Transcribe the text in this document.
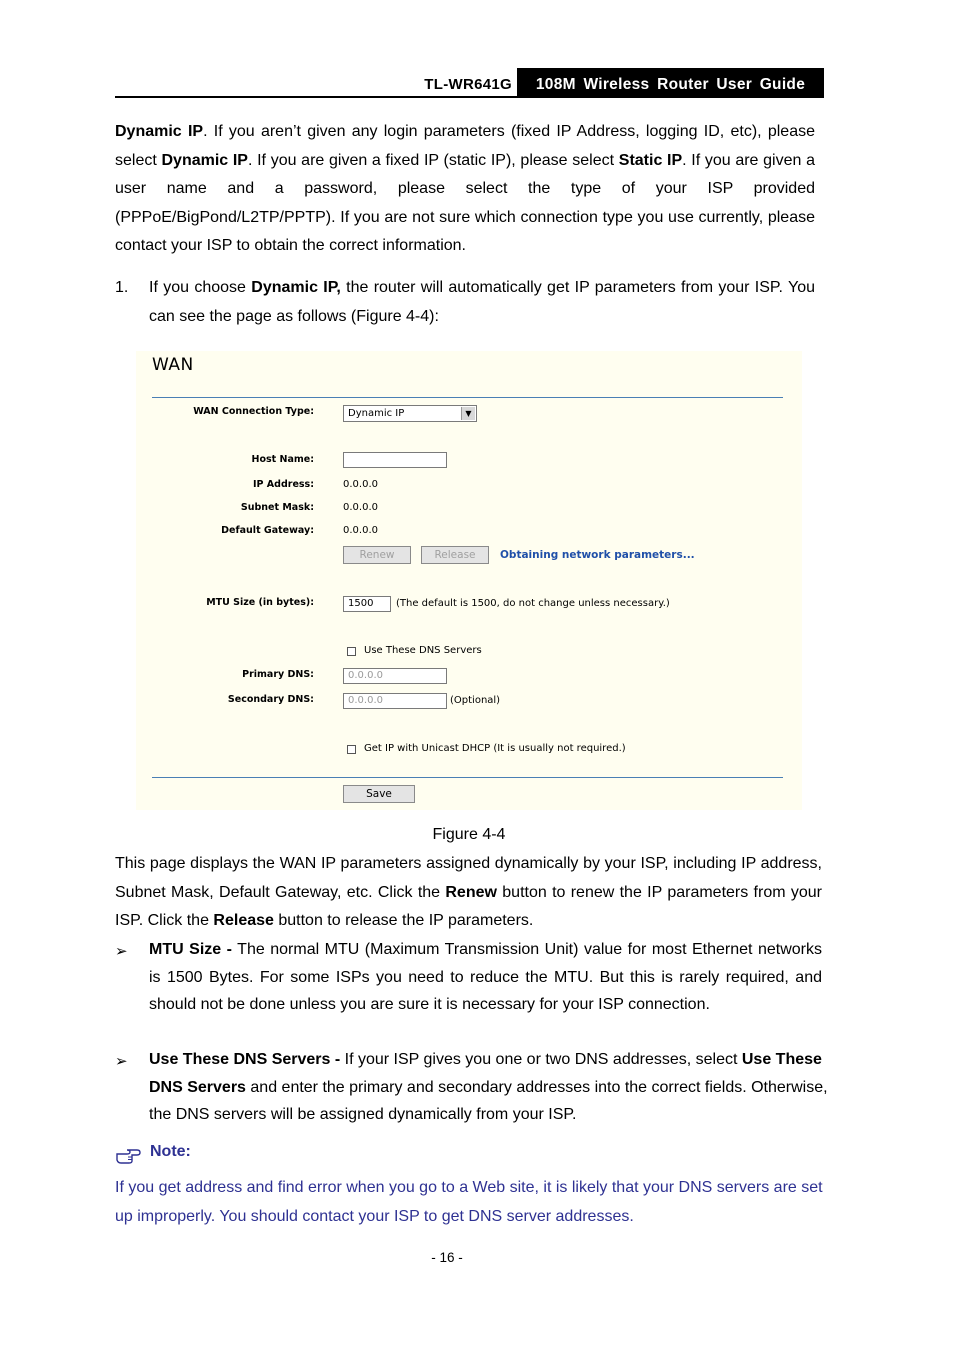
TL-WR641G	108M Wireless Router User Guide
Dynamic IP. If you aren’t given any login parameters (fixed IP Address, logging ID, etc), please select Dynamic IP. If you are given a fixed IP (static IP), please select Static IP. If you are given a user name and a password, please select the type of your ISP provided (PPPoE/BigPond/L2TP/PPTP). If you are not sure which connection type you use currently, please contact your ISP to obtain the correct information.
1. If you choose Dynamic IP, the router will automatically get IP parameters from your ISP. You can see the page as follows (Figure 4-4):
WAN
WAN Connection Type:	Dynamic IP	▼
Host Name:
IP Address:	0.0.0.0
Subnet Mask:	0.0.0.0
Default Gateway:	0.0.0.0
Renew	Release	Obtaining network parameters...
MTU Size (in bytes):	1500	(The default is 1500, do not change unless necessary.)
Use These DNS Servers
Primary DNS:	0.0.0.0
Secondary DNS:	0.0.0.0	(Optional)
Get IP with Unicast DHCP (It is usually not required.)
Save
Figure 4-4
This page displays the WAN IP parameters assigned dynamically by your ISP, including IP address, Subnet Mask, Default Gateway, etc. Click the Renew button to renew the IP parameters from your ISP. Click the Release button to release the IP parameters.
➢ MTU Size - The normal MTU (Maximum Transmission Unit) value for most Ethernet networks is 1500 Bytes. For some ISPs you need to reduce the MTU. But this is rarely required, and should not be done unless you are sure it is necessary for your ISP connection.
➢ Use These DNS Servers - If your ISP gives you one or two DNS addresses, select Use These DNS Servers and enter the primary and secondary addresses into the correct fields. Otherwise, the DNS servers will be assigned dynamically from your ISP.
Note:
If you get address and find error when you go to a Web site, it is likely that your DNS servers are set up improperly. You should contact your ISP to get DNS server addresses.
- 16 -
